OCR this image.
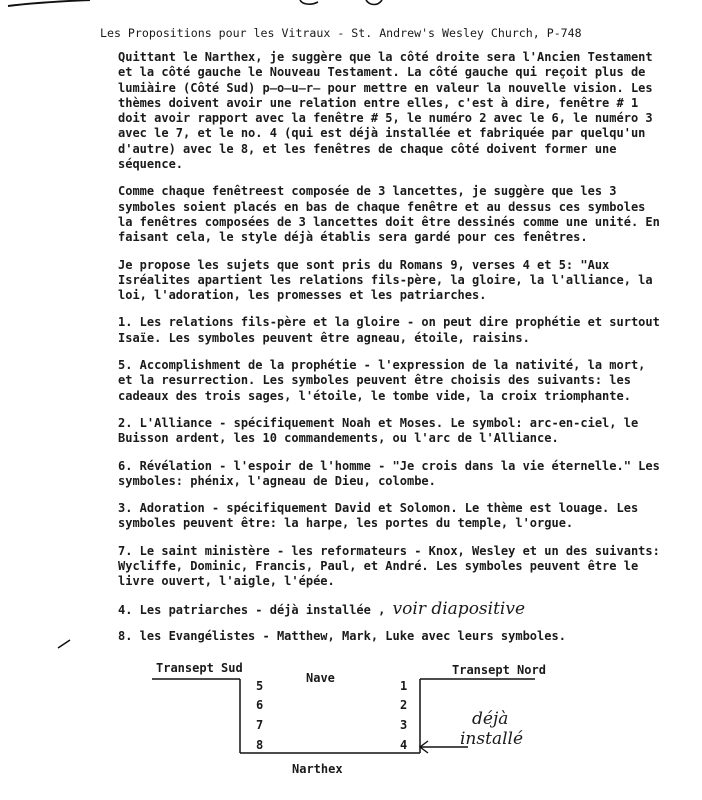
Les Propositions pour les Vitraux - St. Andrew's Wesley Church, P-748

Quittant le Narthex, je suggère que la côté droite sera l'Ancien Testament et la côté gauche le Nouveau Testament. La côté gauche qui reçoit plus de lumiàire (Côté Sud) p̶o̶u̶r̶ pour mettre en valeur la nouvelle vision. Les thèmes doivent avoir une relation entre elles, c'est à dire, fenêtre # 1 doit avoir rapport avec la fenêtre # 5, le numéro 2 avec le 6, le numéro 3 avec le 7, et le no. 4 (qui est déjà installée et fabriquée par quelqu'un d'autre) avec le 8, et les fenêtres de chaque côté doivent former une séquence.

Comme chaque fenêtreest composée de 3 lancettes, je suggère que les 3 symboles soient placés en bas de chaque fenêtre et au dessus ces symboles la fenêtres composées de 3 lancettes doit être dessinés comme une unité. En faisant cela, le style déjà établis sera gardé pour ces fenêtres.

Je propose les sujets que sont pris du Romans 9, verses 4 et 5: "Aux Isréalites apartient les relations fils-père, la gloire, la l'alliance, la loi, l'adoration, les promesses et les patriarches.

1. Les relations fils-père et la gloire - on peut dire prophétie et surtout Isaïe. Les symboles peuvent être agneau, étoile, raisins.

5. Accomplishment de la prophétie - l'expression de la nativité, la mort, et la resurrection. Les symboles peuvent être choisis des suivants: les cadeaux des trois sages, l'étoile, le tombe vide, la croix triomphante.

2. L'Alliance - spécifiquement Noah et Moses. Le symbol: arc-en-ciel, le Buisson ardent, les 10 commandements, ou l'arc de l'Alliance.

6. Révélation - l'espoir de l'homme - "Je crois dans la vie éternelle." Les symboles: phénix, l'agneau de Dieu, colombe.

3. Adoration - spécifiquement David et Solomon. Le thème est louage. Les symboles peuvent être: la harpe, les portes du temple, l'orgue.

7. Le saint ministère - les reformateurs - Knox, Wesley et un des suivants: Wycliffe, Dominic, Francis, Paul, et André. Les symboles peuvent être le livre ouvert, l'aigle, l'épée.

4. Les patriarches - déjà installée , voir diapositive

8. les Evangélistes - Matthew, Mark, Luke avec leurs symboles.

Transept Sud	Transept Nord
Nave
Narthex
5
6
7
8
1
2
3
4
déjà
installé
